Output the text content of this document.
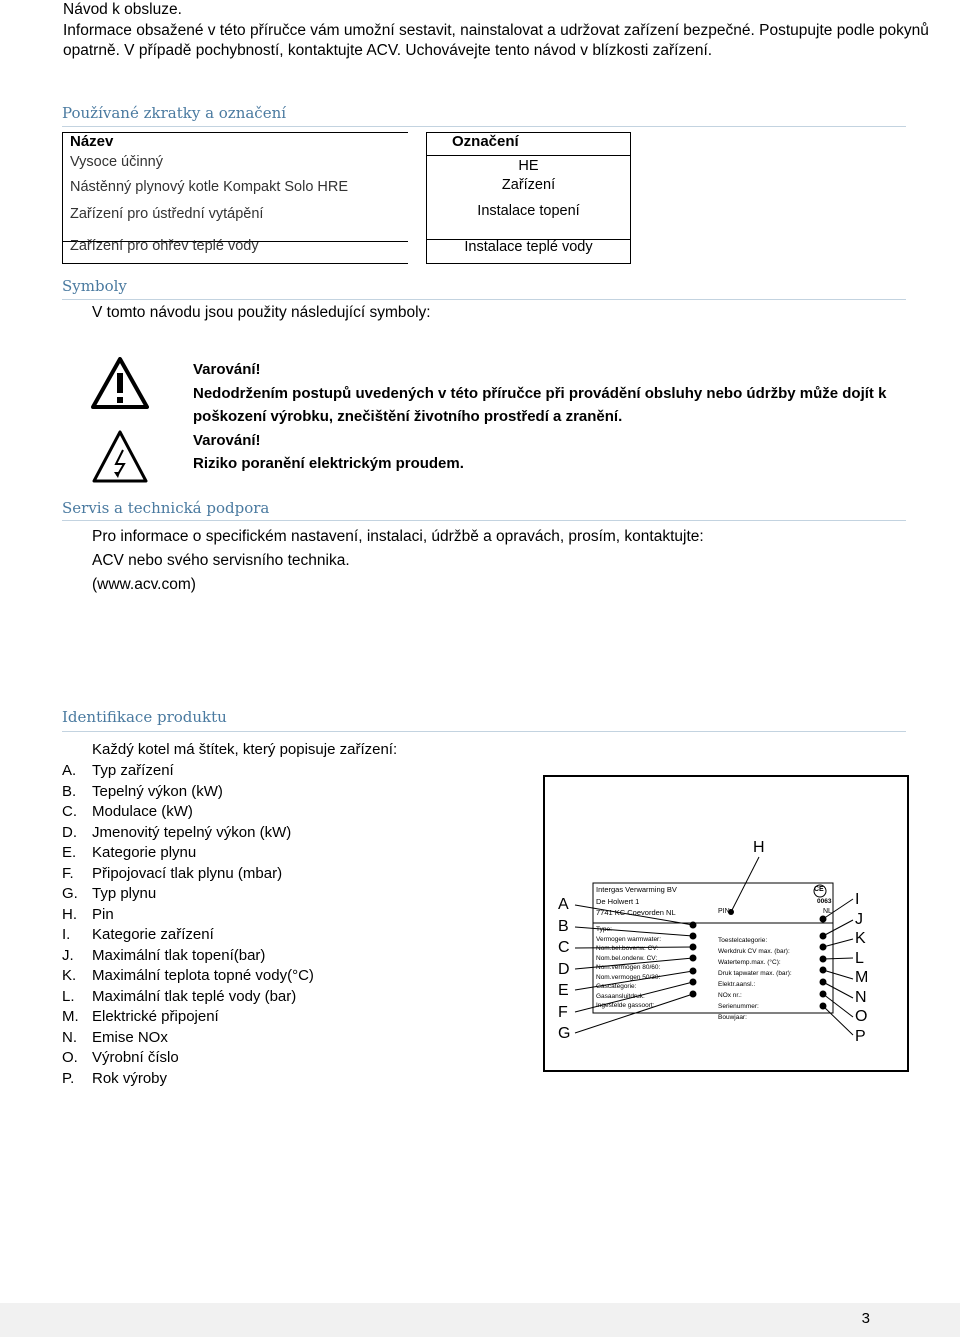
Návod k obsluze.
Informace obsažené v této příručce vám umožní sestavit, nainstalovat a udržovat zařízení bezpečné. Postupujte podle pokynů opatrně. V případě pochybností, kontaktujte ACV. Uchovávejte tento návod v blízkosti zařízení.
Používané zkratky a označení
Název	Označení
Vysoce účinný	HE
Nástěnný plynový kotle Kompakt Solo HRE	Zařízení
Zařízení pro ústřední vytápění	Instalace topení
Zařízení pro ohřev teplé vody	Instalace teplé vody
Symboly
V tomto návodu jsou použity následující symboly:
Varování!
Nedodržením postupů uvedených v této příručce při provádění obsluhy nebo údržby může dojít k poškození výrobku, znečištění životního prostředí a zranění.
Varování!
Riziko poranění elektrickým proudem.
Servis a technická podpora
Pro informace o specifickém nastavení, instalaci, údržbě a opravách, prosím, kontaktujte:
ACV nebo svého servisního technika.
(www.acv.com)
Identifikace produktu
Každý kotel má štítek, který popisuje zařízení:
A. Typ zařízení
B. Tepelný výkon (kW)
C. Modulace (kW)
D. Jmenovitý tepelný výkon (kW)
E. Kategorie plynu
F. Připojovací tlak plynu (mbar)
G. Typ plynu
H. Pin
I. Kategorie zařízení
J. Maximální tlak topení(bar)
K. Maximální teplota topné vody(°C)
L. Maximální tlak teplé vody (bar)
M. Elektrické připojení
N. Emise NOx
O. Výrobní číslo
P. Rok výroby
Intergas Verwarming BV
De Holwert 1
7741 KC Coevorden NL	PIN:	NL
CE
0063
Type:
Vermogen warmwater:
Nom.bel.bovenw. CV:
Nom.bel.onderw. CV:
Nom.vermogen 80/60:
Nom.vermogen 50/30:
Gascategorie:
Gasaansluitdruk:
Ingestelde gassoort:
Toestelcategorie:
Werkdruk CV max. (bar):
Watertemp.max. (°C):
Druk tapwater max. (bar):
Elektr.aansl.:
NOx nr.:
Serienummer:
Bouwjaar:
H
A
B
C
D
E
F
G
I
J
K
L
M
N
O
P
3
